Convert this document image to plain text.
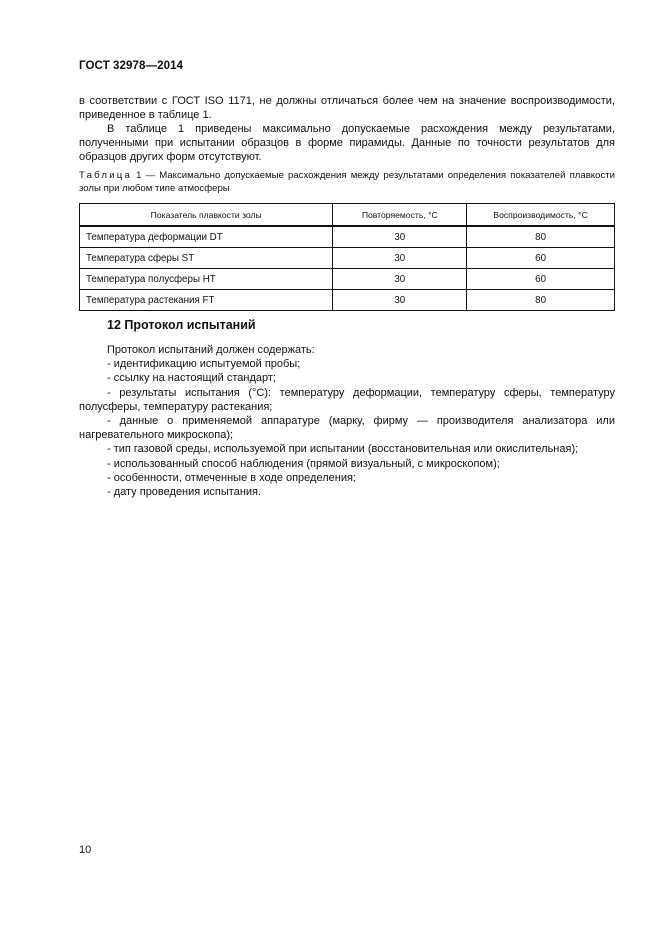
ГОСТ 32978—2014
в соответствии с ГОСТ ISO 1171, не должны отличаться более чем на значение воспроизводимости, приведенное в таблице 1.
В таблице 1 приведены максимально допускаемые расхождения между результатами, полученными при испытании образцов в форме пирамиды. Данные по точности результатов для образцов других форм отсутствуют.
Таблица 1 — Максимально допускаемые расхождения между результатами определения показателей плавкости золы при любом типе атмосферы
Показатель плавкости золы	Повторяемость, °С	Воспроизводимость, °С
Температура деформации DT	30	80
Температура сферы ST	30	60
Температура полусферы HT	30	60
Температура растекания FT	30	80
12 Протокол испытаний
Протокол испытаний должен содержать:
- идентификацию испытуемой пробы;
- ссылку на настоящий стандарт;
- результаты испытания (°С): температуру деформации, температуру сферы, температуру полусферы, температуру растекания;
- данные о применяемой аппаратуре (марку, фирму — производителя анализатора или нагревательного микроскопа);
- тип газовой среды, используемой при испытании (восстановительная или окислительная);
- использованный способ наблюдения (прямой визуальный, с микроскопом);
- особенности, отмеченные в ходе определения;
- дату проведения испытания.
10
